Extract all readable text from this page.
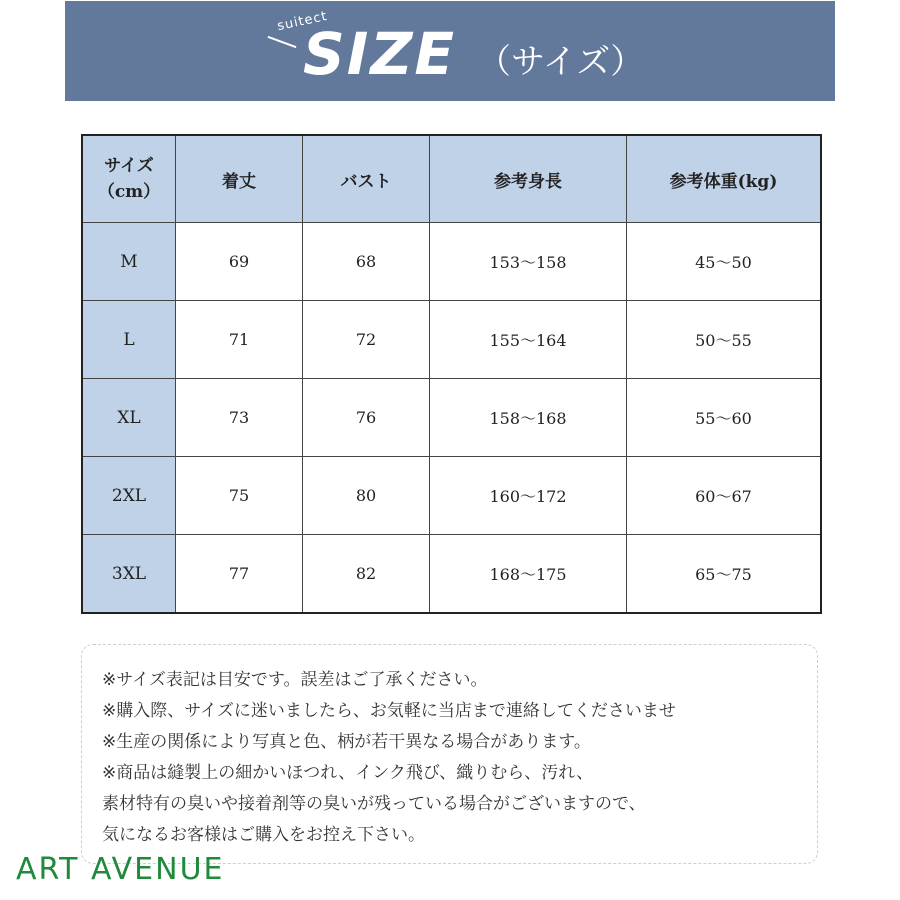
suitect
SIZE （サイズ）
サイズ
（cm）	着丈	バスト	参考身長	参考体重(kg)
M	69	68	153～158	45～50
L	71	72	155～164	50～55
XL	73	76	158～168	55～60
2XL	75	80	160～172	60～67
3XL	77	82	168～175	65～75
※サイズ表記は目安です。誤差はご了承ください。
※購入際、サイズに迷いましたら、お気軽に当店まで連絡してくださいませ
※生産の関係により写真と色、柄が若干異なる場合があります。
※商品は縫製上の細かいほつれ、インク飛び、織りむら、汚れ、
素材特有の臭いや接着剤等の臭いが残っている場合がございますので、
気になるお客様はご購入をお控え下さい。
ART AVENUE
